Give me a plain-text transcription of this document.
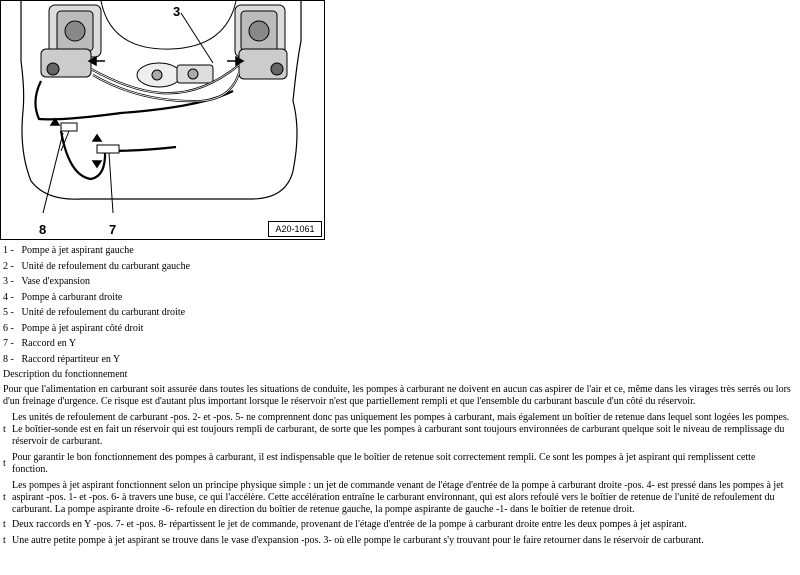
3
8	7	A20-1061
1 - Pompe à jet aspirant gauche
2 - Unité de refoulement du carburant gauche
3 - Vase d'expansion
4 - Pompe à carburant droite
5 - Unité de refoulement du carburant droite
6 - Pompe à jet aspirant côté droit
7 - Raccord en Y
8 - Raccord répartiteur en Y
Description du fonctionnement

Pour que l'alimentation en carburant soit assurée dans toutes les situations de conduite, les pompes à carburant ne doivent en aucun cas aspirer de l'air et ce, même dans les virages très serrés ou lors d'un freinage d'urgence. Ce risque est d'autant plus important lorsque le réservoir n'est que partiellement rempli et que l'ensemble du carburant bascule d'un côté du réservoir.

t
Les unités de refoulement de carburant -pos. 2- et -pos. 5- ne comprennent donc pas uniquement les pompes à carburant, mais également un boîtier de retenue dans lequel sont logées les pompes. Le boîtier-sonde est en fait un réservoir qui est toujours rempli de carburant, de sorte que les pompes à carburant sont toujours environnées de carburant quelque soit le niveau de remplissage du réservoir de carburant.
t
Pour garantir le bon fonctionnement des pompes à carburant, il est indispensable que le boîtier de retenue soit correctement rempli. Ce sont les pompes à jet aspirant qui remplissent cette fonction.
t
Les pompes à jet aspirant fonctionnent selon un principe physique simple : un jet de commande venant de l'étage d'entrée de la pompe à carburant droite -pos. 4- est pressé dans les pompes à jet aspirant -pos. 1- et -pos. 6- à travers une buse, ce qui l'accélère. Cette accélération entraîne le carburant environnant, qui est alors refoulé vers le boîtier de retenue de l'unité de refoulement du carburant. La pompe aspirante droite -6- refoule en direction du boîtier de retenue gauche, la pompe aspirante de gauche -1- dans le boîtier de retenue droit.
t Deux raccords en Y -pos. 7- et -pos. 8- répartissent le jet de commande, provenant de l'étage d'entrée de la pompe à carburant droite entre les deux pompes à jet aspirant.
t Une autre petite pompe à jet aspirant se trouve dans le vase d'expansion -pos. 3- où elle pompe le carburant s'y trouvant pour le faire retourner dans le réservoir de carburant.
